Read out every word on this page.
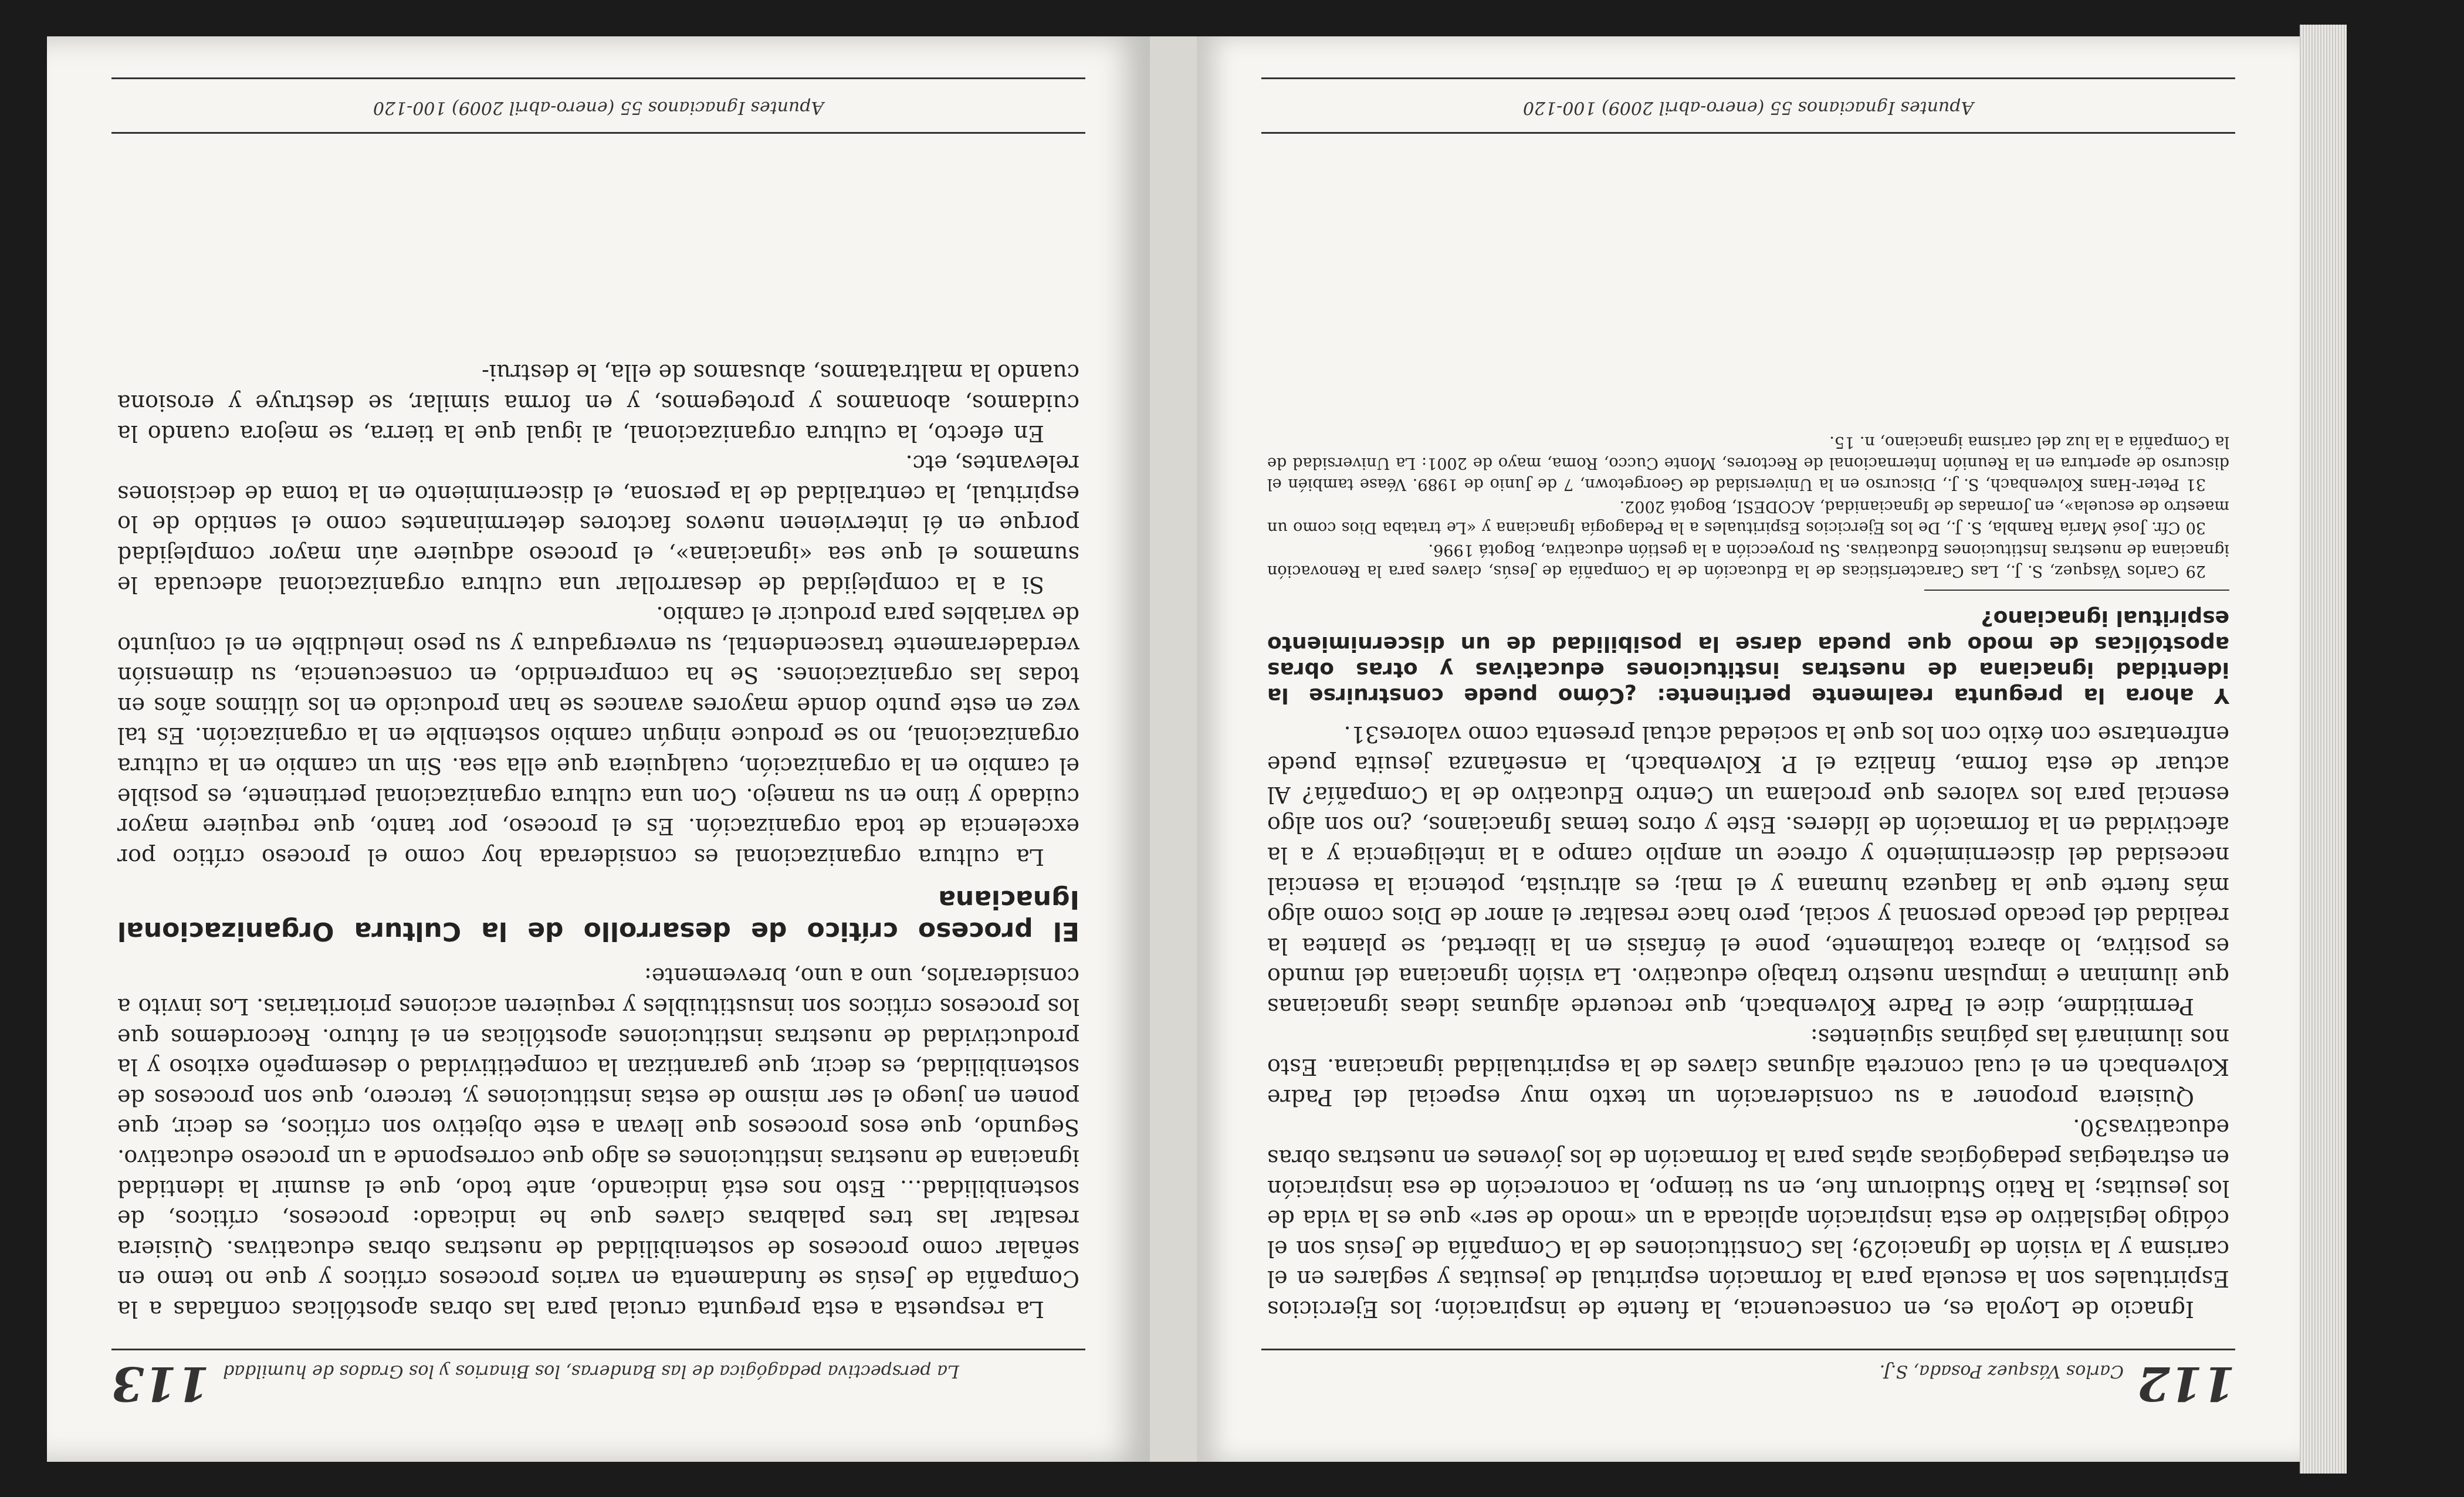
112
Carlos Vásquez Posada, S.J.

Ignacio de Loyola es, en consecuencia, la fuente de inspiración; los Ejercicios Espirituales son la escuela para la formación espiritual de jesuitas y seglares en el carisma y la visión de Ignacio29; las Constituciones de la Compañía de Jesús son el código legislativo de esta inspiración aplicada a un «modo de ser» que es la vida de los jesuitas; la Ratio Studiorum fue, en su tiempo, la concreción de esa inspiración en estrategias pedagógicas aptas para la formación de los jóvenes en nuestras obras educativas30.

Quisiera proponer a su consideración un texto muy especial del Padre Kolvenbach en el cual concreta algunas claves de la espiritualidad ignaciana. Esto nos iluminará las páginas siguientes:

Permitidme, dice el Padre Kolvenbach, que recuerde algunas ideas ignacianas que iluminan e impulsan nuestro trabajo educativo. La visión ignaciana del mundo es positiva, lo abarca totalmente, pone el énfasis en la libertad, se plantea la realidad del pecado personal y social, pero hace resaltar el amor de Dios como algo más fuerte que la flaqueza humana y el mal; es altruista, potencia la esencial necesidad del discernimiento y ofrece un amplio campo a la inteligencia y a la afectividad en la formación de líderes. Este y otros temas Ignacianos, ¿no son algo esencial para los valores que proclama un Centro Educativo de la Compañía? Al actuar de esta forma, finaliza el P. Kolvenbach, la enseñanza jesuita puede enfrentarse con éxito con los que la sociedad actual presenta como valores31.

Y ahora la pregunta realmente pertinente: ¿Cómo puede construirse la identidad ignaciana de nuestras instituciones educativas y otras obras apostólicas de modo que pueda darse la posibilidad de un discernimiento espiritual ignaciano?

29 Carlos Vásquez, S. J., Las Características de la Educación de la Compañía de Jesús, claves para la Renovación ignaciana de nuestras Instituciones Educativas. Su proyección a la gestión educativa, Bogotá 1996.

30 Cfr. José María Rambla, S. J., De los Ejercicios Espirituales a la Pedagogía Ignaciana y «Le trataba Dios como un maestro de escuela», en Jornadas de Ignacianidad, ACODESI, Bogotá 2002.

31 Peter-Hans Kolvenbach, S. J., Discurso en la Universidad de Georgetown, 7 de Junio de 1989. Véase también el discurso de apertura en la Reunión Internacional de Rectores, Monte Cucco, Roma, mayo de 2001: La Universidad de la Compañía a la luz del carisma ignaciano, n. 15.

Apuntes Ignacianos 55 (enero-abril 2009) 100-120
La perspectiva pedagógica de las Banderas, los Binarios y los Grados de humildad
113

La respuesta a esta pregunta crucial para las obras apostólicas confiadas a la Compañía de Jesús se fundamenta en varios procesos críticos y que no temo en señalar como procesos de sostenibilidad de nuestras obras educativas. Quisiera resaltar las tres palabras claves que he indicado: procesos, críticos, de sostenibilidad… Esto nos está indicando, ante todo, que el asumir la identidad ignaciana de nuestras instituciones es algo que corresponde a un proceso educativo. Segundo, que esos procesos que llevan a este objetivo son críticos, es decir, que ponen en juego el ser mismo de estas instituciones y, tercero, que son procesos de sostenibilidad, es decir, que garantizan la competitividad o desempeño exitoso y la productividad de nuestras instituciones apostólicas en el futuro. Recordemos que los procesos críticos son insustituibles y requieren acciones prioritarias. Los invito a considerarlos, uno a uno, brevemente:

El proceso crítico de desarrollo de la Cultura Organizacional Ignaciana

La cultura organizacional es considerada hoy como el proceso crítico por excelencia de toda organización. Es el proceso, por tanto, que requiere mayor cuidado y tino en su manejo. Con una cultura organizacional pertinente, es posible el cambio en la organización, cualquiera que ella sea. Sin un cambio en la cultura organizacional, no se produce ningún cambio sostenible en la organización. Es tal vez en este punto donde mayores avances se han producido en los últimos años en todas las organizaciones. Se ha comprendido, en consecuencia, su dimensión verdaderamente trascendental, su envergadura y su peso ineludible en el conjunto de variables para producir el cambio.

Si a la complejidad de desarrollar una cultura organizacional adecuada le sumamos el que sea «ignaciana», el proceso adquiere aún mayor complejidad porque en él intervienen nuevos factores determinantes como el sentido de lo espiritual, la centralidad de la persona, el discernimiento en la toma de decisiones relevantes, etc.

En efecto, la cultura organizacional, al igual que la tierra, se mejora cuando la cuidamos, abonamos y protegemos, y en forma similar, se destruye y erosiona cuando la maltratamos, abusamos de ella, le destrui-

Apuntes Ignacianos 55 (enero-abril 2009) 100-120
